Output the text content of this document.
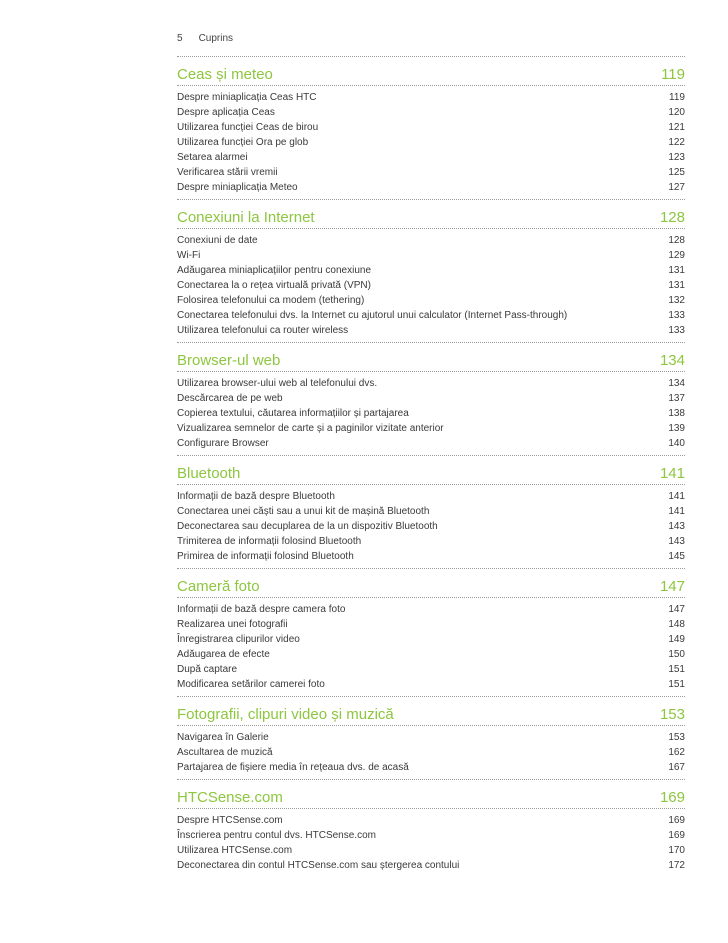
5 Cuprins
Ceas și meteo	119
Despre miniaplicația Ceas HTC	119
Despre aplicația Ceas	120
Utilizarea funcției Ceas de birou	121
Utilizarea funcției Ora pe glob	122
Setarea alarmei	123
Verificarea stării vremii	125
Despre miniaplicația Meteo	127
Conexiuni la Internet	128
Conexiuni de date	128
Wi-Fi	129
Adăugarea miniaplicațiilor pentru conexiune	131
Conectarea la o rețea virtuală privată (VPN)	131
Folosirea telefonului ca modem (tethering)	132
Conectarea telefonului dvs. la Internet cu ajutorul unui calculator (Internet Pass-through)	133
Utilizarea telefonului ca router wireless	133
Browser-ul web	134
Utilizarea browser-ului web al telefonului dvs.	134
Descărcarea de pe web	137
Copierea textului, căutarea informațiilor și partajarea	138
Vizualizarea semnelor de carte și a paginilor vizitate anterior	139
Configurare Browser	140
Bluetooth	141
Informații de bază despre Bluetooth	141
Conectarea unei căști sau a unui kit de mașină Bluetooth	141
Deconectarea sau decuplarea de la un dispozitiv Bluetooth	143
Trimiterea de informații folosind Bluetooth	143
Primirea de informații folosind Bluetooth	145
Cameră foto	147
Informații de bază despre camera foto	147
Realizarea unei fotografii	148
Înregistrarea clipurilor video	149
Adăugarea de efecte	150
După captare	151
Modificarea setărilor camerei foto	151
Fotografii, clipuri video și muzică	153
Navigarea în Galerie	153
Ascultarea de muzică	162
Partajarea de fișiere media în rețeaua dvs. de acasă	167
HTCSense.com	169
Despre HTCSense.com	169
Înscrierea pentru contul dvs. HTCSense.com	169
Utilizarea HTCSense.com	170
Deconectarea din contul HTCSense.com sau ștergerea contului	172
